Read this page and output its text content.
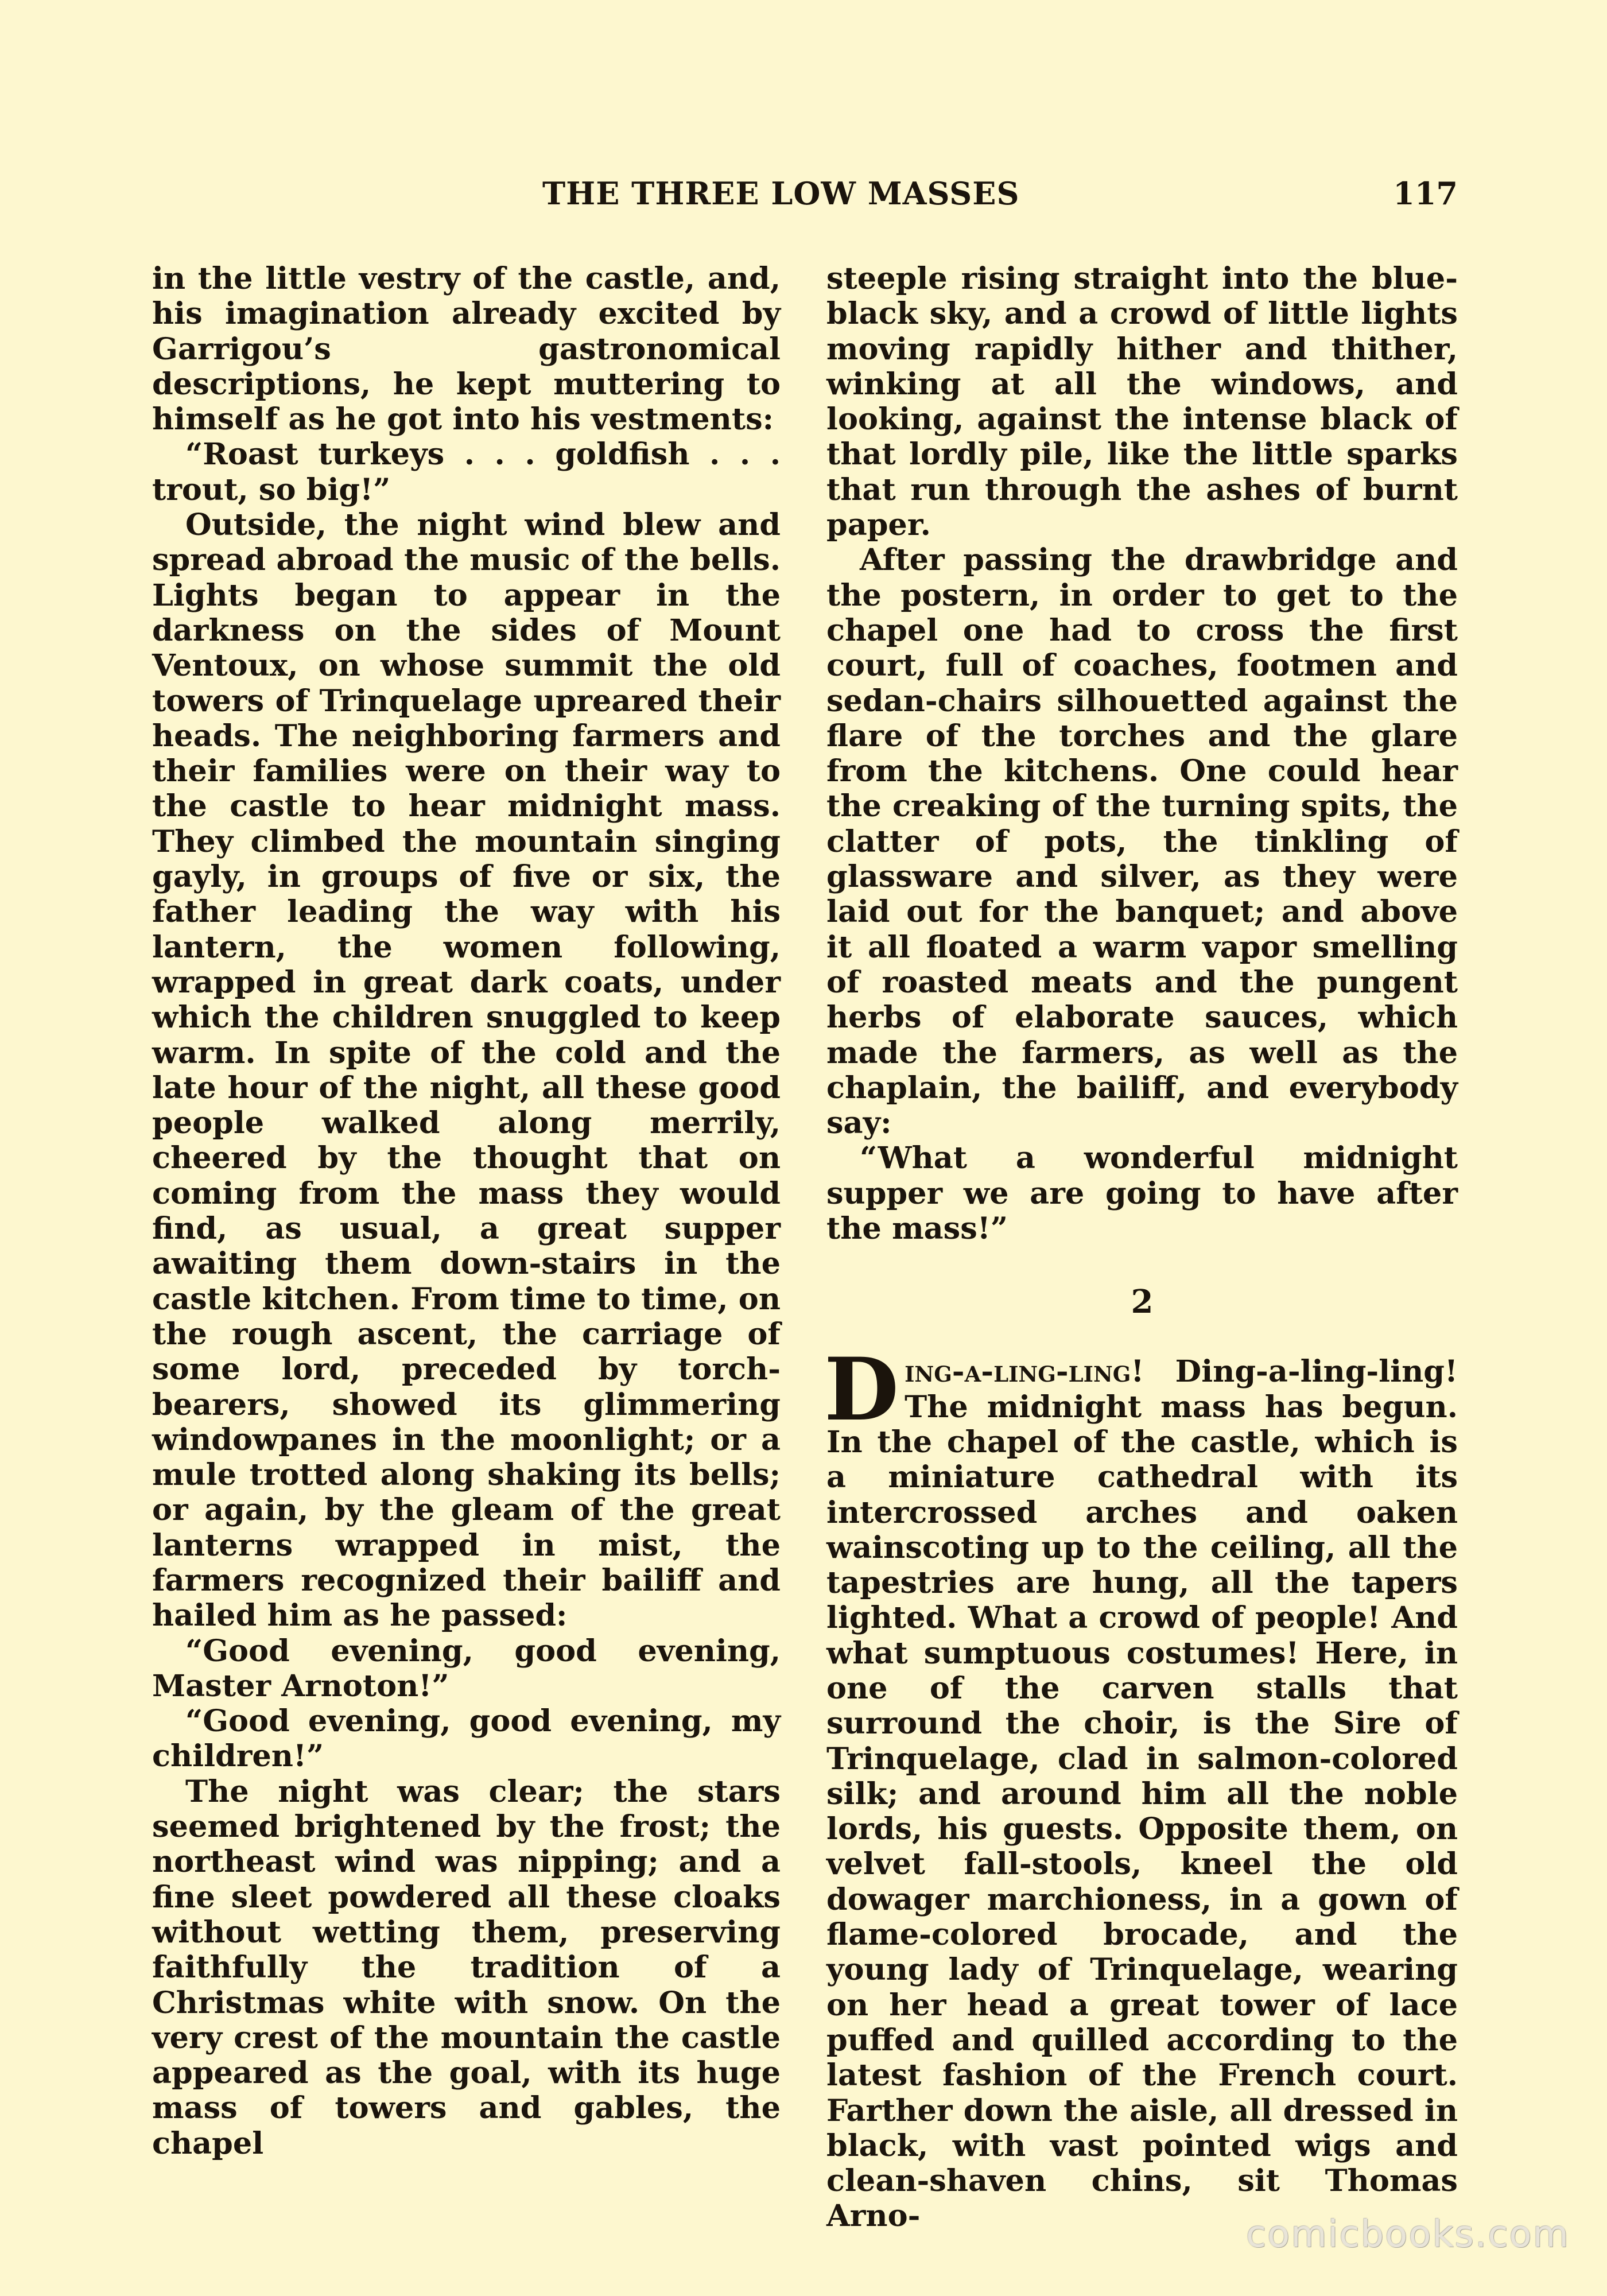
THE THREE LOW MASSES	117

in the little vestry of the castle, and, his imagination already excited by Garrigou’s gastronomical descriptions, he kept muttering to himself as he got into his vestments:

“Roast turkeys . . . goldfish . . . trout, so big!”

Outside, the night wind blew and spread abroad the music of the bells. Lights began to appear in the darkness on the sides of Mount Ventoux, on whose summit the old towers of Trinquelage upreared their heads. The neighboring farmers and their families were on their way to the castle to hear midnight mass. They climbed the mountain singing gayly, in groups of five or six, the father leading the way with his lantern, the women following, wrapped in great dark coats, under which the children snuggled to keep warm. In spite of the cold and the late hour of the night, all these good people walked along merrily, cheered by the thought that on coming from the mass they would find, as usual, a great supper awaiting them down-stairs in the castle kitchen. From time to time, on the rough ascent, the carriage of some lord, preceded by torch-bearers, showed its glimmering windowpanes in the moonlight; or a mule trotted along shaking its bells; or again, by the gleam of the great lanterns wrapped in mist, the farmers recognized their bailiff and hailed him as he passed:

“Good evening, good evening, Master Arnoton!”

“Good evening, good evening, my children!”

The night was clear; the stars seemed brightened by the frost; the northeast wind was nipping; and a fine sleet powdered all these cloaks without wetting them, preserving faithfully the tradition of a Christmas white with snow. On the very crest of the mountain the castle appeared as the goal, with its huge mass of towers and gables, the chapel

steeple rising straight into the blue-black sky, and a crowd of little lights moving rapidly hither and thither, winking at all the windows, and looking, against the intense black of that lordly pile, like the little sparks that run through the ashes of burnt paper.

After passing the drawbridge and the postern, in order to get to the chapel one had to cross the first court, full of coaches, footmen and sedan-chairs silhouetted against the flare of the torches and the glare from the kitchens. One could hear the creaking of the turning spits, the clatter of pots, the tinkling of glassware and silver, as they were laid out for the banquet; and above it all floated a warm vapor smelling of roasted meats and the pungent herbs of elaborate sauces, which made the farmers, as well as the chaplain, the bailiff, and everybody say:

“What a wonderful midnight supper we are going to have after the mass!”

2

Ding-a-ling-ling! Ding-a-ling-ling! The midnight mass has begun. In the chapel of the castle, which is a miniature cathedral with its intercrossed arches and oaken wainscoting up to the ceiling, all the tapestries are hung, all the tapers lighted. What a crowd of people! And what sumptuous costumes! Here, in one of the carven stalls that surround the choir, is the Sire of Trinquelage, clad in salmon-colored silk; and around him all the noble lords, his guests. Opposite them, on velvet fall-stools, kneel the old dowager marchioness, in a gown of flame-colored brocade, and the young lady of Trinquelage, wearing on her head a great tower of lace puffed and quilled according to the latest fashion of the French court. Farther down the aisle, all dressed in black, with vast pointed wigs and clean-shaven chins, sit Thomas Arno-	comicbooks.com
